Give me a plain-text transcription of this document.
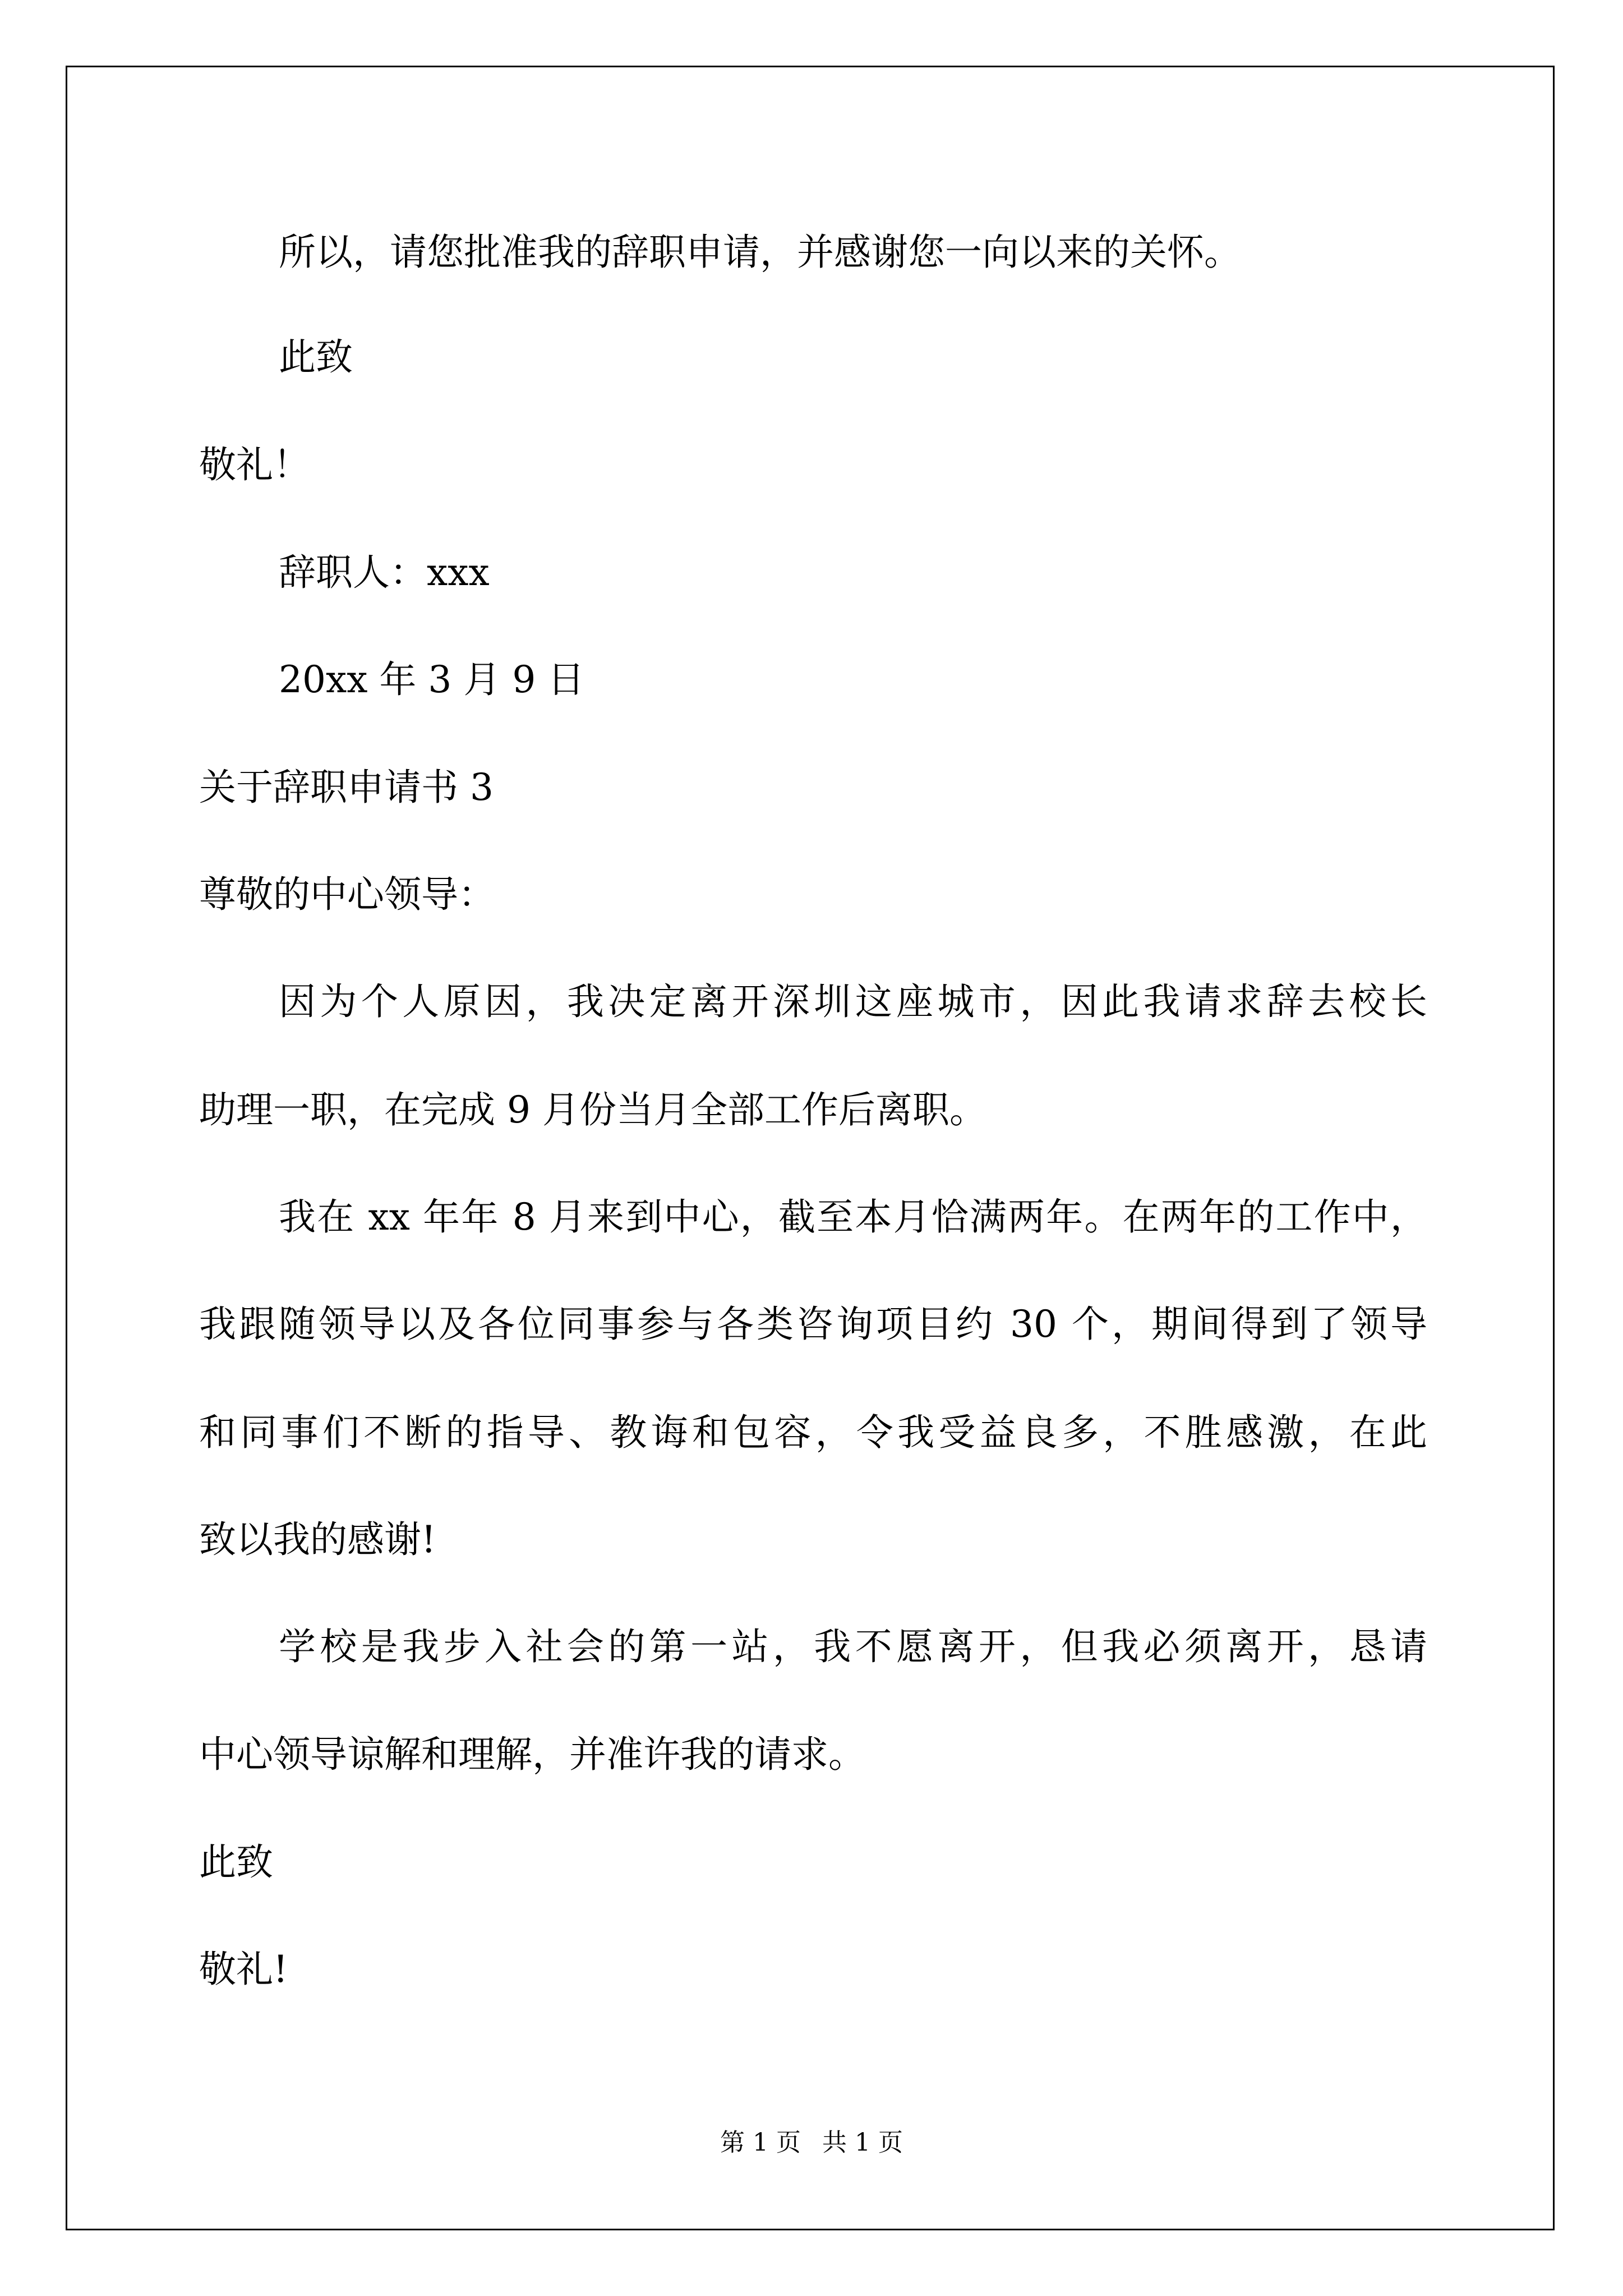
所以，请您批准我的辞职申请，并感谢您一向以来的关怀。

此致

敬礼！

辞职人：xxx

20xx 年 3 月 9 日

关于辞职申请书 3

尊敬的中心领导：

因为个人原因，我决定离开深圳这座城市，因此我请求辞去校长

助理一职，在完成 9 月份当月全部工作后离职。

我在 xx 年年 8 月来到中心，截至本月恰满两年。在两年的工作中，

我跟随领导以及各位同事参与各类咨询项目约 30 个，期间得到了领导

和同事们不断的指导、教诲和包容，令我受益良多，不胜感激，在此

致以我的感谢!

学校是我步入社会的第一站，我不愿离开，但我必须离开，恳请

中心领导谅解和理解，并准许我的请求。

此致

敬礼!

第 1 页 共 1 页
